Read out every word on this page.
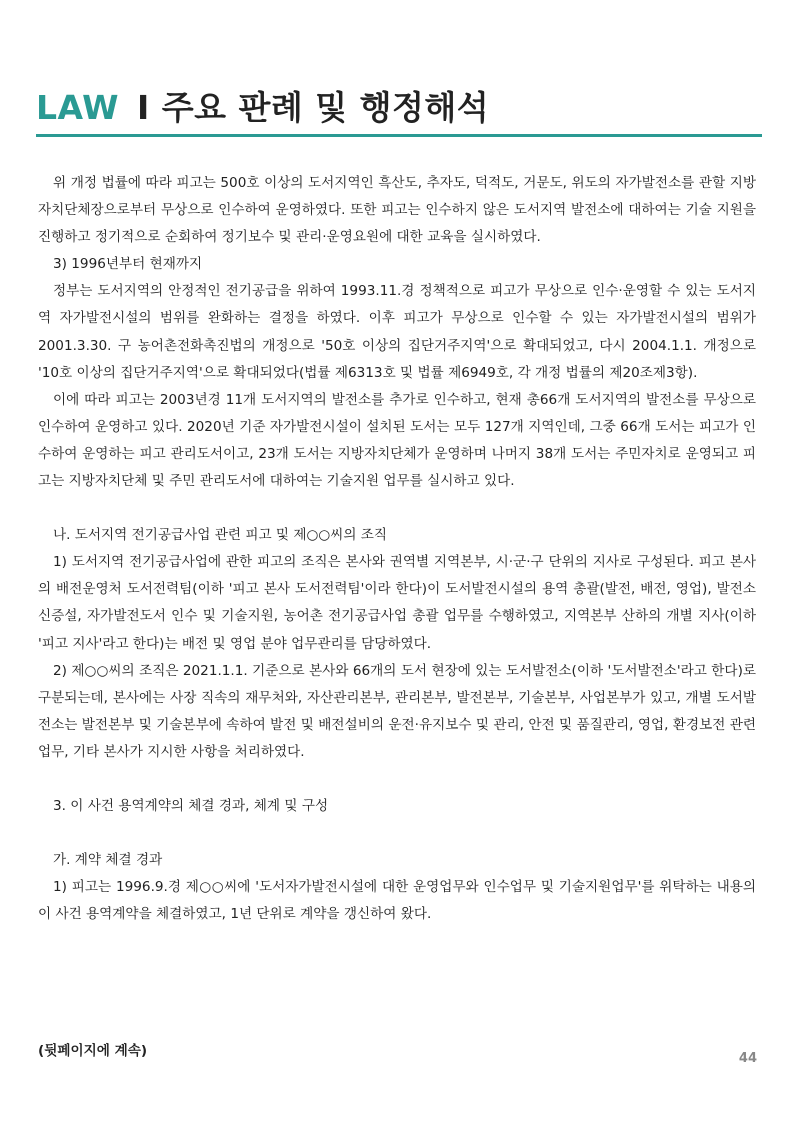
LAW I 주요 판례 및 행정해석

위 개정 법률에 따라 피고는 500호 이상의 도서지역인 흑산도, 추자도, 덕적도, 거문도, 위도의 자가발전소를 관할 지방자치단체장으로부터 무상으로 인수하여 운영하였다. 또한 피고는 인수하지 않은 도서지역 발전소에 대하여는 기술 지원을 진행하고 정기적으로 순회하여 정기보수 및 관리·운영요원에 대한 교육을 실시하였다.

3) 1996년부터 현재까지

정부는 도서지역의 안정적인 전기공급을 위하여 1993.11.경 정책적으로 피고가 무상으로 인수·운영할 수 있는 도서지역 자가발전시설의 범위를 완화하는 결정을 하였다. 이후 피고가 무상으로 인수할 수 있는 자가발전시설의 범위가 2001.3.30. 구 농어촌전화촉진법의 개정으로 '50호 이상의 집단거주지역'으로 확대되었고, 다시 2004.1.1. 개정으로 '10호 이상의 집단거주지역'으로 확대되었다(법률 제6313호 및 법률 제6949호, 각 개정 법률의 제20조제3항).

이에 따라 피고는 2003년경 11개 도서지역의 발전소를 추가로 인수하고, 현재 총66개 도서지역의 발전소를 무상으로 인수하여 운영하고 있다. 2020년 기준 자가발전시설이 설치된 도서는 모두 127개 지역인데, 그중 66개 도서는 피고가 인수하여 운영하는 피고 관리도서이고, 23개 도서는 지방자치단체가 운영하며 나머지 38개 도서는 주민자치로 운영되고 피고는 지방자치단체 및 주민 관리도서에 대하여는 기술지원 업무를 실시하고 있다.

나. 도서지역 전기공급사업 관련 피고 및 제○○씨의 조직

1) 도서지역 전기공급사업에 관한 피고의 조직은 본사와 권역별 지역본부, 시·군·구 단위의 지사로 구성된다. 피고 본사의 배전운영처 도서전력팀(이하 '피고 본사 도서전력팀'이라 한다)이 도서발전시설의 용역 총괄(발전, 배전, 영업), 발전소 신증설, 자가발전도서 인수 및 기술지원, 농어촌 전기공급사업 총괄 업무를 수행하였고, 지역본부 산하의 개별 지사(이하 '피고 지사'라고 한다)는 배전 및 영업 분야 업무관리를 담당하였다.

2) 제○○씨의 조직은 2021.1.1. 기준으로 본사와 66개의 도서 현장에 있는 도서발전소(이하 '도서발전소'라고 한다)로 구분되는데, 본사에는 사장 직속의 재무처와, 자산관리본부, 관리본부, 발전본부, 기술본부, 사업본부가 있고, 개별 도서발전소는 발전본부 및 기술본부에 속하여 발전 및 배전설비의 운전·유지보수 및 관리, 안전 및 품질관리, 영업, 환경보전 관련 업무, 기타 본사가 지시한 사항을 처리하였다.

3. 이 사건 용역계약의 체결 경과, 체계 및 구성

가. 계약 체결 경과

1) 피고는 1996.9.경 제○○씨에 '도서자가발전시설에 대한 운영업무와 인수업무 및 기술지원업무'를 위탁하는 내용의 이 사건 용역계약을 체결하였고, 1년 단위로 계약을 갱신하여 왔다.

(뒷페이지에 계속)	44
